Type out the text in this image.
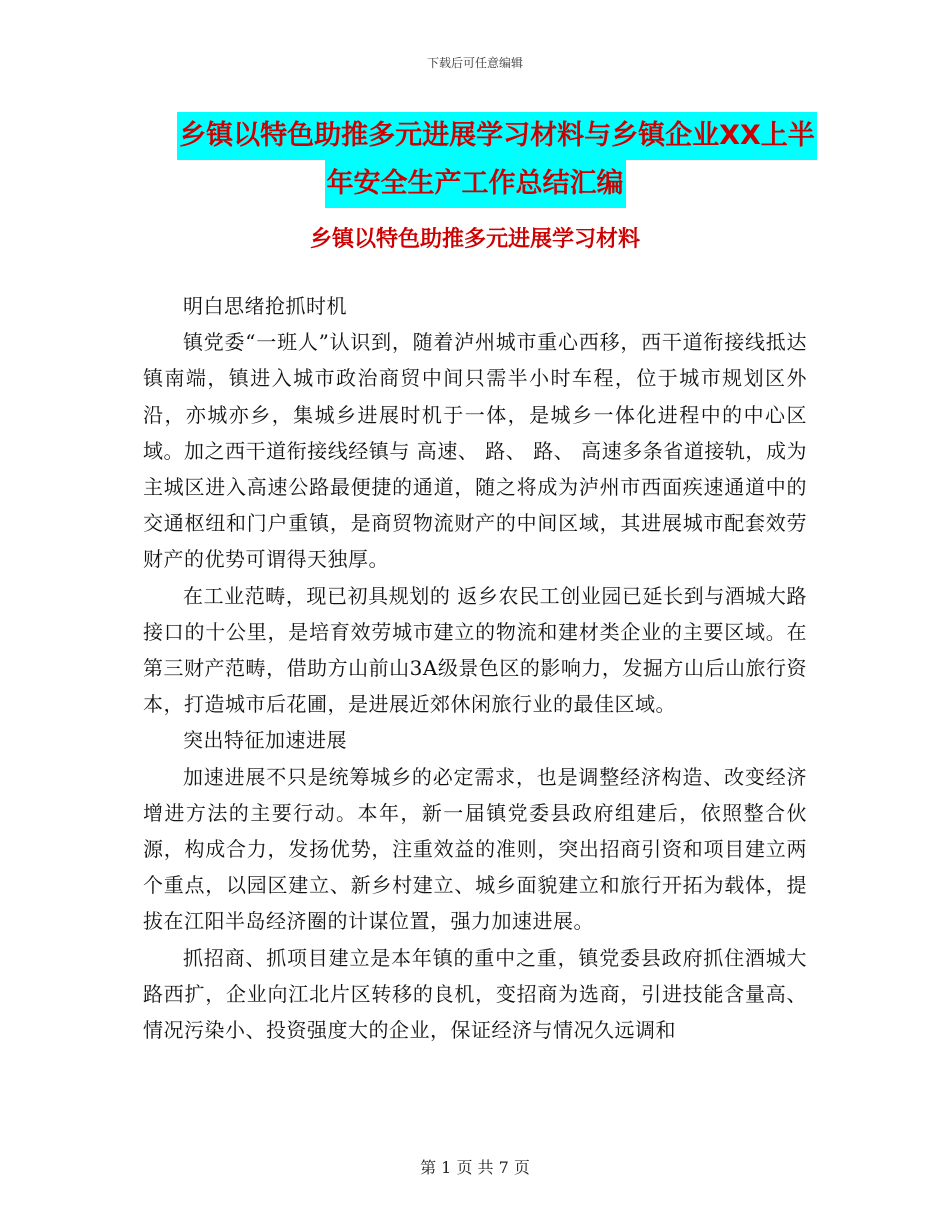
下载后可任意编辑
乡镇以特色助推多元进展学习材料与乡镇企业XX上半
年安全生产工作总结汇编
乡镇以特色助推多元进展学习材料

明白思绪抢抓时机

镇党委“一班人”认识到，随着泸州城市重心西移，西干道衔接线抵达镇南端，镇进入城市政治商贸中间只需半小时车程，位于城市规划区外沿，亦城亦乡，集城乡进展时机于一体，是城乡一体化进程中的中心区域。加之西干道衔接线经镇与 高速、 路、 路、 高速多条省道接轨，成为主城区进入高速公路最便捷的通道，随之将成为泸州市西面疾速通道中的交通枢纽和门户重镇，是商贸物流财产的中间区域，其进展城市配套效劳财产的优势可谓得天独厚。

在工业范畴，现已初具规划的 返乡农民工创业园已延长到与酒城大路接口的十公里，是培育效劳城市建立的物流和建材类企业的主要区域。在第三财产范畴，借助方山前山3A级景色区的影响力，发掘方山后山旅行资本，打造城市后花圃，是进展近郊休闲旅行业的最佳区域。

突出特征加速进展

加速进展不只是统筹城乡的必定需求，也是调整经济构造、改变经济增进方法的主要行动。本年，新一届镇党委县政府组建后，依照整合伙源，构成合力，发扬优势，注重效益的准则，突出招商引资和项目建立两个重点，以园区建立、新乡村建立、城乡面貌建立和旅行开拓为载体，提拔在江阳半岛经济圈的计谋位置，强力加速进展。

抓招商、抓项目建立是本年镇的重中之重，镇党委县政府抓住酒城大路西扩，企业向江北片区转移的良机，变招商为选商，引进技能含量高、情况污染小、投资强度大的企业，保证经济与情况久远调和

第 1 页 共 7 页
